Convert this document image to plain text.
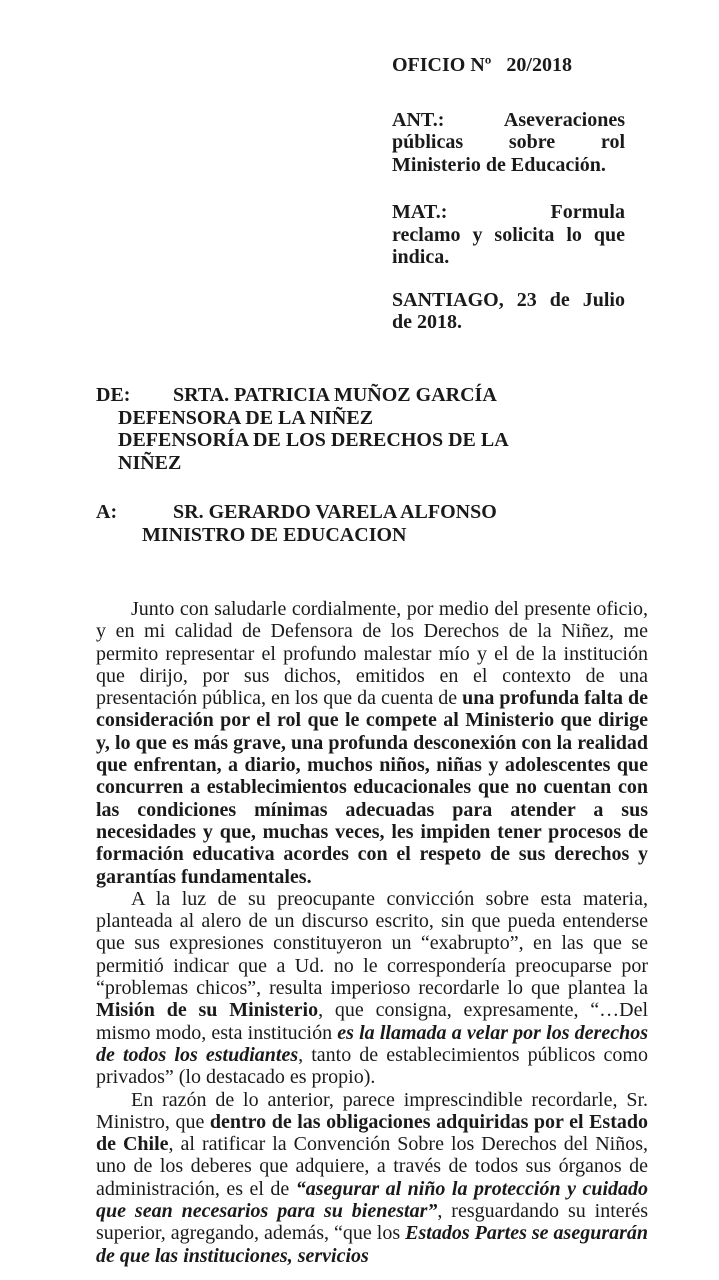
OFICIO Nº   20/2018
ANT.: Aseveraciones
públicas sobre rol
Ministerio de Educación.
MAT.: Formula
reclamo y solicita lo que
indica.
SANTIAGO, 23 de Julio
de 2018.
DE: SRTA. PATRICIA MUÑOZ GARCÍA
DEFENSORA DE LA NIÑEZ
DEFENSORÍA DE LOS DERECHOS DE LA
NIÑEZ
A:	SR. GERARDO VARELA ALFONSO
MINISTRO DE EDUCACION

Junto con saludarle cordialmente, por medio del presente oficio, y en mi calidad de Defensora de los Derechos de la Niñez, me permito representar el profundo malestar mío y el de la institución que dirijo, por sus dichos, emitidos en el contexto de una presentación pública, en los que da cuenta de una profunda falta de consideración por el rol que le compete al Ministerio que dirige y, lo que es más grave, una profunda desconexión con la realidad que enfrentan, a diario, muchos niños, niñas y adolescentes que concurren a establecimientos educacionales que no cuentan con las condiciones mínimas adecuadas para atender a sus necesidades y que, muchas veces, les impiden tener procesos de formación educativa acordes con el respeto de sus derechos y garantías fundamentales.

A la luz de su preocupante convicción sobre esta materia, planteada al alero de un discurso escrito, sin que pueda entenderse que sus expresiones constituyeron un “exabrupto”, en las que se permitió indicar que a Ud. no le correspondería preocuparse por “problemas chicos”, resulta imperioso recordarle lo que plantea la Misión de su Ministerio, que consigna, expresamente, “…Del mismo modo, esta institución es la llamada a velar por los derechos de todos los estudiantes, tanto de establecimientos públicos como privados” (lo destacado es propio).

En razón de lo anterior, parece imprescindible recordarle, Sr. Ministro, que dentro de las obligaciones adquiridas por el Estado de Chile, al ratificar la Convención Sobre los Derechos del Niños, uno de los deberes que adquiere, a través de todos sus órganos de administración, es el de “asegurar al niño la protección y cuidado que sean necesarios para su bienestar”, resguardando su interés superior, agregando, además, “que los Estados Partes se asegurarán de que las instituciones, servicios
